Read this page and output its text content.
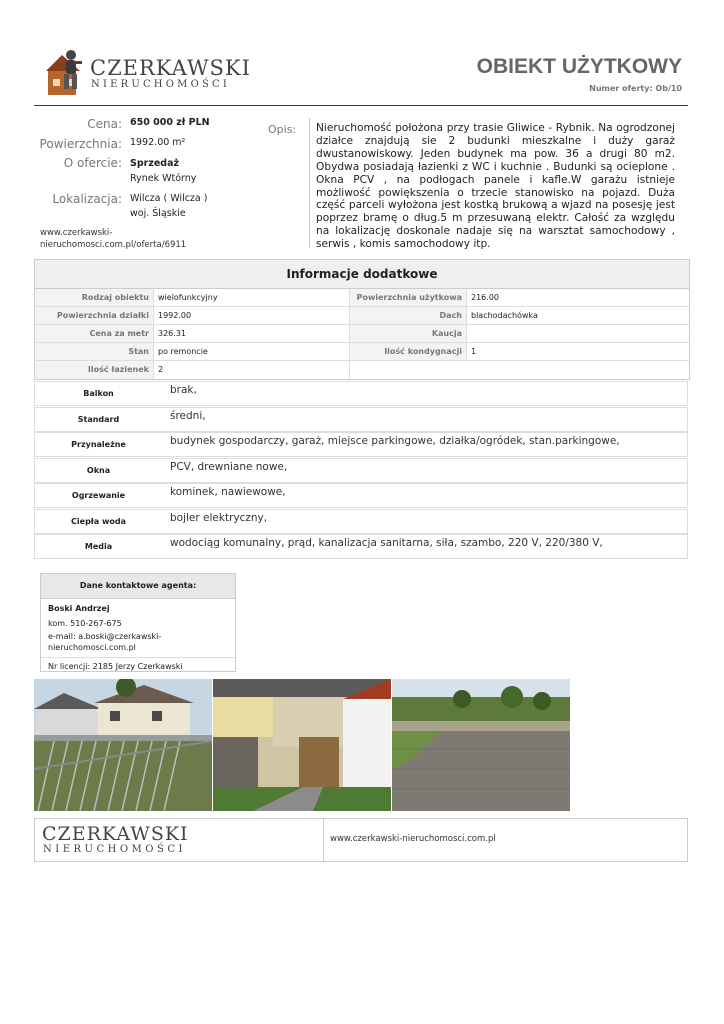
CZERKAWSKI
NIERUCHOMOŚCI
OBIEKT UŻYTKOWY
Numer oferty: Ob/10
Cena: 650 000 zł PLN
Powierzchnia: 1992.00 m²
O ofercie: Sprzedaż
Rynek Wtórny
Lokalizacja: Wilcza ( Wilcza )
woj. Śląskie
www.czerkawski-nieruchomosci.com.pl/oferta/6911
Opis: Nieruchomość położona przy trasie Gliwice - Rybnik. Na ogrodzonej działce znajdują sie 2 budunki mieszkalne i duży garaż dwustanowiskowy. Jeden budynek ma pow. 36 a drugi 80 m2. Obydwa posiadają łazienki z WC i kuchnie . Budunki są ocieplone . Okna PCV , na podłogach panele i kafle.W garażu istnieje możliwość powiększenia o trzecie stanowisko na pojazd. Duża część parceli wyłożona jest kostką brukową a wjazd na posesję jest poprzez bramę o dług.5 m przesuwaną elektr. Całość za względu na lokalizację doskonale nadaje się na warsztat samochodowy , serwis , komis samochodowy itp.
Informacje dodatkowe
Rodzaj obiektu	wielofunkcyjny	Powierzchnia użytkowa	216.00
Powierzchnia działki	1992.00	Dach	blachodachówka
Cena za metr	326.31	Kaucja
Stan	po remoncie	Ilość kondygnacji	1
Ilość łazienek	2
Balkon	brak,
Standard	średni,
Przynależne	budynek gospodarczy, garaż, miejsce parkingowe, działka/ogródek, stan.parkingowe,
Okna	PCV, drewniane nowe,
Ogrzewanie	kominek, nawiewowe,
Ciepła woda	bojler elektryczny,
Media	wodociąg komunalny, prąd, kanalizacja sanitarna, siła, szambo, 220 V, 220/380 V,
Dane kontaktowe agenta:
Boski Andrzej
kom. 510-267-675
e-mail: a.boski@czerkawski-nieruchomosci.com.pl
Nr licencji: 2185 Jerzy Czerkawski
CZERKAWSKI
NIERUCHOMOŚCI
www.czerkawski-nieruchomosci.com.pl
